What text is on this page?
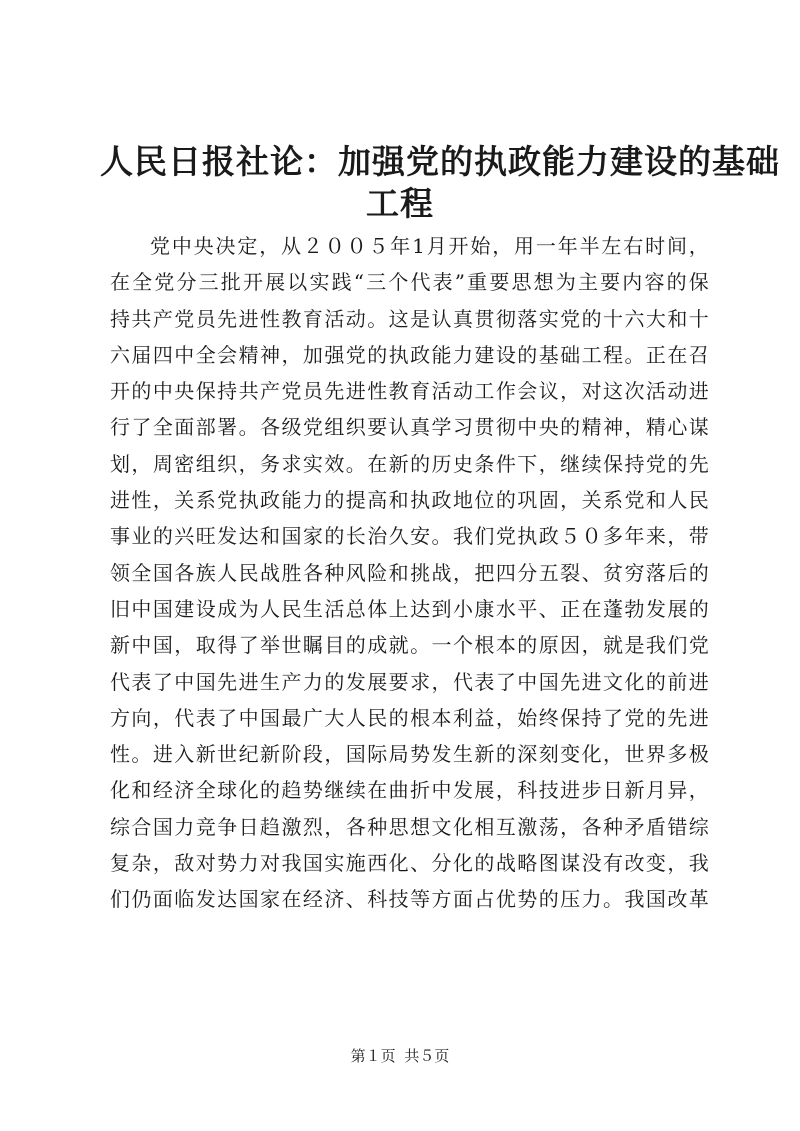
人民日报社论：加强党的执政能力建设的基础
工程
党中央决定，从２００５年1月开始，用一年半左右时间，
在全党分三批开展以实践“三个代表”重要思想为主要内容的保
持共产党员先进性教育活动。这是认真贯彻落实党的十六大和十
六届四中全会精神，加强党的执政能力建设的基础工程。正在召
开的中央保持共产党员先进性教育活动工作会议，对这次活动进
行了全面部署。各级党组织要认真学习贯彻中央的精神，精心谋
划，周密组织，务求实效。在新的历史条件下，继续保持党的先
进性，关系党执政能力的提高和执政地位的巩固，关系党和人民
事业的兴旺发达和国家的长治久安。我们党执政５０多年来，带
领全国各族人民战胜各种风险和挑战，把四分五裂、贫穷落后的
旧中国建设成为人民生活总体上达到小康水平、正在蓬勃发展的
新中国，取得了举世瞩目的成就。一个根本的原因，就是我们党
代表了中国先进生产力的发展要求，代表了中国先进文化的前进
方向，代表了中国最广大人民的根本利益，始终保持了党的先进
性。进入新世纪新阶段，国际局势发生新的深刻变化，世界多极
化和经济全球化的趋势继续在曲折中发展，科技进步日新月异，
综合国力竞争日趋激烈，各种思想文化相互激荡，各种矛盾错综
复杂，敌对势力对我国实施西化、分化的战略图谋没有改变，我
们仍面临发达国家在经济、科技等方面占优势的压力。我国改革
第１页 共５页
